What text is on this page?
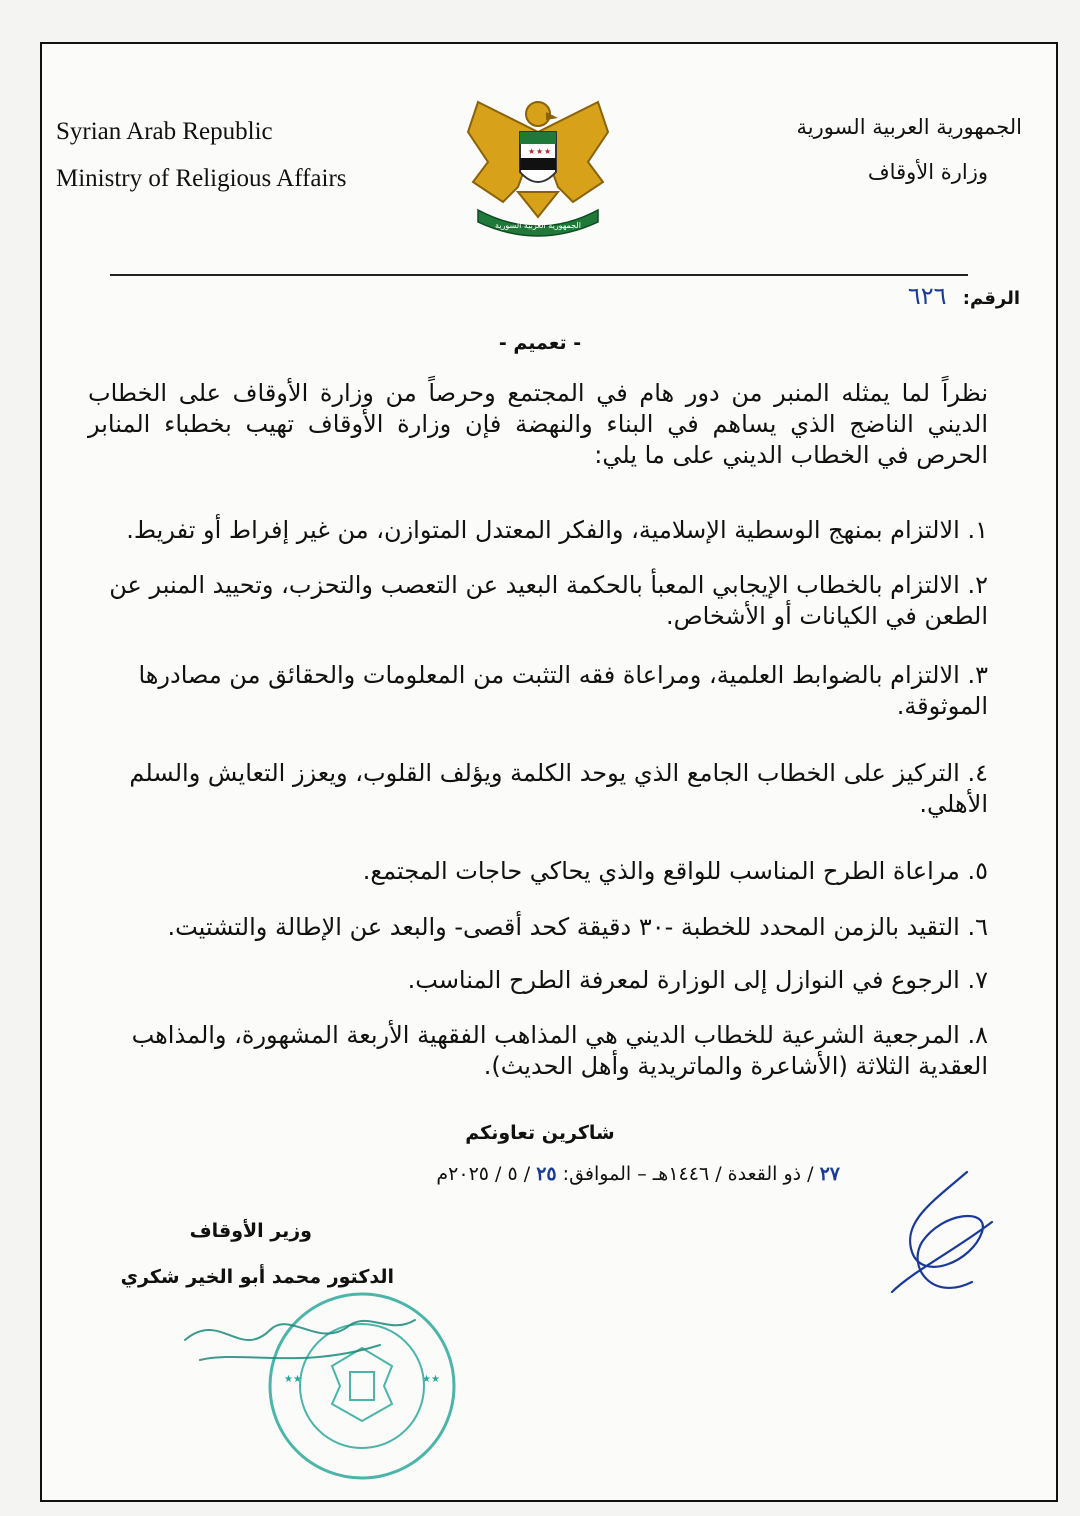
Syrian Arab Republic
Ministry of Religious Affairs
الجمهورية العربية السورية
وزارة الأوقاف
★ ★ ★
الجمهورية العربية السورية
الرقم: ٦٢٦
- تعميم -

نظراً لما يمثله المنبر من دور هام في المجتمع وحرصاً من وزارة الأوقاف على الخطاب الديني الناضج الذي يساهم في البناء والنهضة فإن وزارة الأوقاف تهيب بخطباء المنابر الحرص في الخطاب الديني على ما يلي:

١. الالتزام بمنهج الوسطية الإسلامية، والفكر المعتدل المتوازن، من غير إفراط أو تفريط.
٢. الالتزام بالخطاب الإيجابي المعبأ بالحكمة البعيد عن التعصب والتحزب، وتحييد المنبر عن الطعن في الكيانات أو الأشخاص.
٣. الالتزام بالضوابط العلمية، ومراعاة فقه التثبت من المعلومات والحقائق من مصادرها الموثوقة.
٤. التركيز على الخطاب الجامع الذي يوحد الكلمة ويؤلف القلوب، ويعزز التعايش والسلم الأهلي.
٥. مراعاة الطرح المناسب للواقع والذي يحاكي حاجات المجتمع.
٦. التقيد بالزمن المحدد للخطبة -٣٠ دقيقة كحد أقصى- والبعد عن الإطالة والتشتيت.
٧. الرجوع في النوازل إلى الوزارة لمعرفة الطرح المناسب.
٨. المرجعية الشرعية للخطاب الديني هي المذاهب الفقهية الأربعة المشهورة، والمذاهب العقدية الثلاثة (الأشاعرة والماتريدية وأهل الحديث).
شاكرين تعاونكم
٢٧ / ذو القعدة / ١٤٤٦هـ – الموافق: ٢٥ / ٥ / ٢٠٢٥م
وزير الأوقاف
الدكتور محمد أبو الخير شكري
★★	★★
